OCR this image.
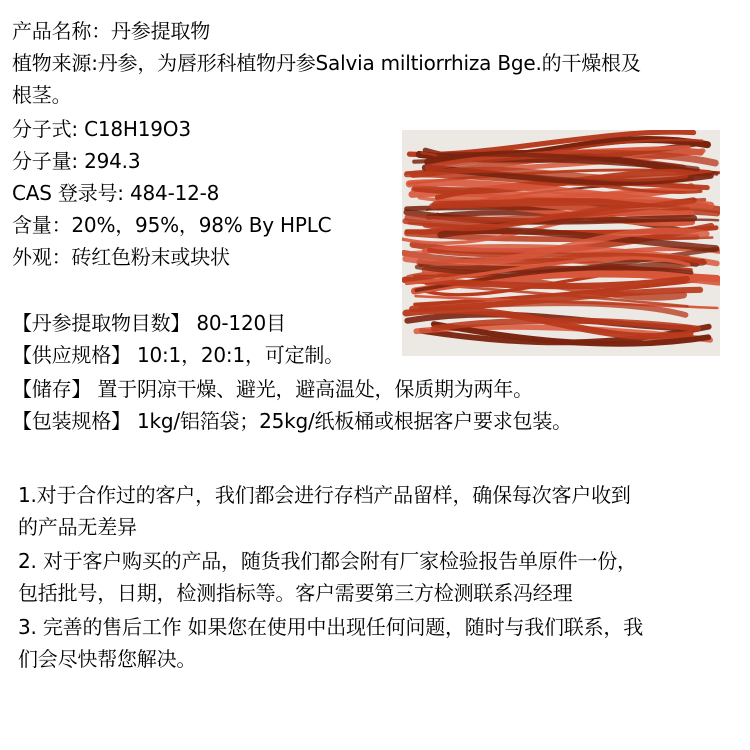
产品名称：丹参提取物
植物来源:丹参，为唇形科植物丹参Salvia miltiorrhiza Bge.的干燥根及
根茎。
分子式: C18H19O3
分子量: 294.3
CAS 登录号: 484-12-8
含量：20%，95%，98% By HPLC
外观：砖红色粉末或块状
【丹参提取物目数】 80-120目
【供应规格】 10:1，20:1，可定制。
【储存】 置于阴凉干燥、避光，避高温处，保质期为两年。
【包装规格】 1kg/铝箔袋；25kg/纸板桶或根据客户要求包装。
1.对于合作过的客户，我们都会进行存档产品留样，确保每次客户收到
的产品无差异
2. 对于客户购买的产品，随货我们都会附有厂家检验报告单原件一份，
包括批号，日期，检测指标等。客户需要第三方检测联系冯经理
3. 完善的售后工作 如果您在使用中出现任何问题，随时与我们联系，我
们会尽快帮您解决。
